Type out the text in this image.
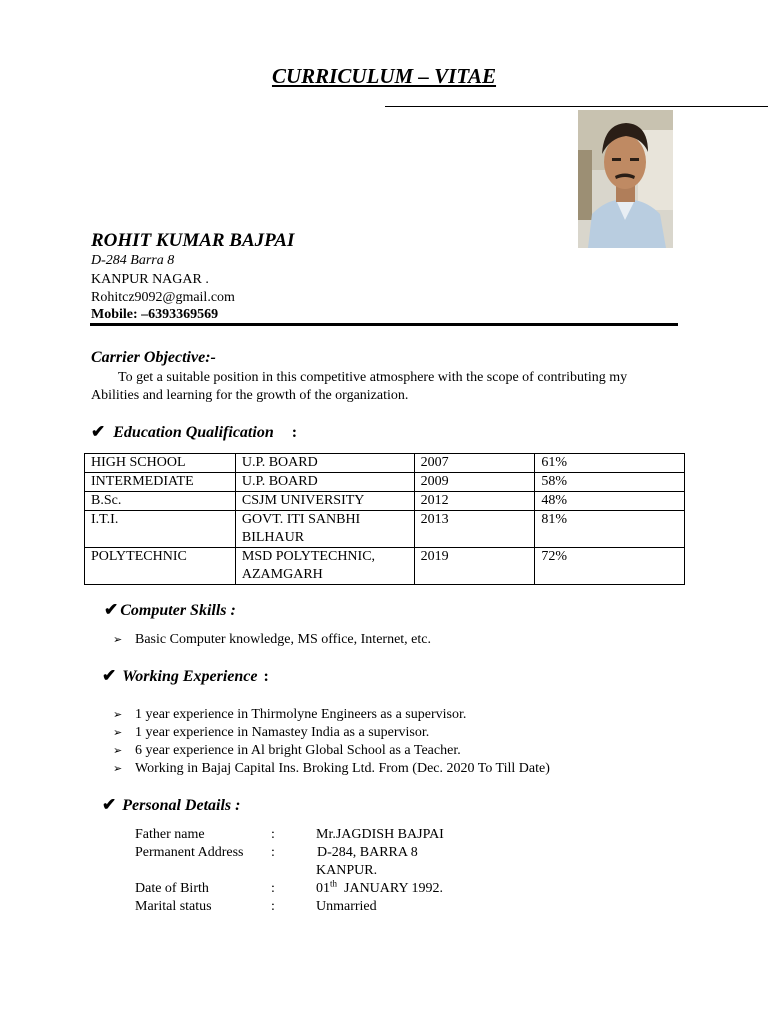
CURRICULUM – VITAE
ROHIT KUMAR BAJPAI
D-284 Barra 8
KANPUR NAGAR .
Rohitcz9092@gmail.com
Mobile: –6393369569
Carrier Objective:-
To get a suitable position in this competitive atmosphere with the scope of contributing my
Abilities and learning for the growth of the organization.
✔ Education Qualification :
HIGH SCHOOL	U.P. BOARD	2007	61%
INTERMEDIATE	U.P. BOARD	2009	58%
B.Sc.	CSJM UNIVERSITY	2012	48%
I.T.I.	GOVT. ITI SANBHI
BILHAUR	2013	81%
POLYTECHNIC	MSD POLYTECHNIC,
AZAMGARH	2019	72%
✔ Computer Skills :
➢ Basic Computer knowledge, MS office, Internet, etc.
✔ Working Experience :
➢ 1 year experience in Thirmolyne Engineers as a supervisor.
➢ 1 year experience in Namastey India as a supervisor.
➢ 6 year experience in Al bright Global School as a Teacher.
➢ Working in Bajaj Capital Ins. Broking Ltd. From (Dec. 2020 To Till Date)
✔ Personal Details :
Father name	:	Mr.JAGDISH BAJPAI
Permanent Address	:	D-284, BARRA 8
KANPUR.
Date of Birth	:	01th JANUARY 1992.
Marital status	:	Unmarried
